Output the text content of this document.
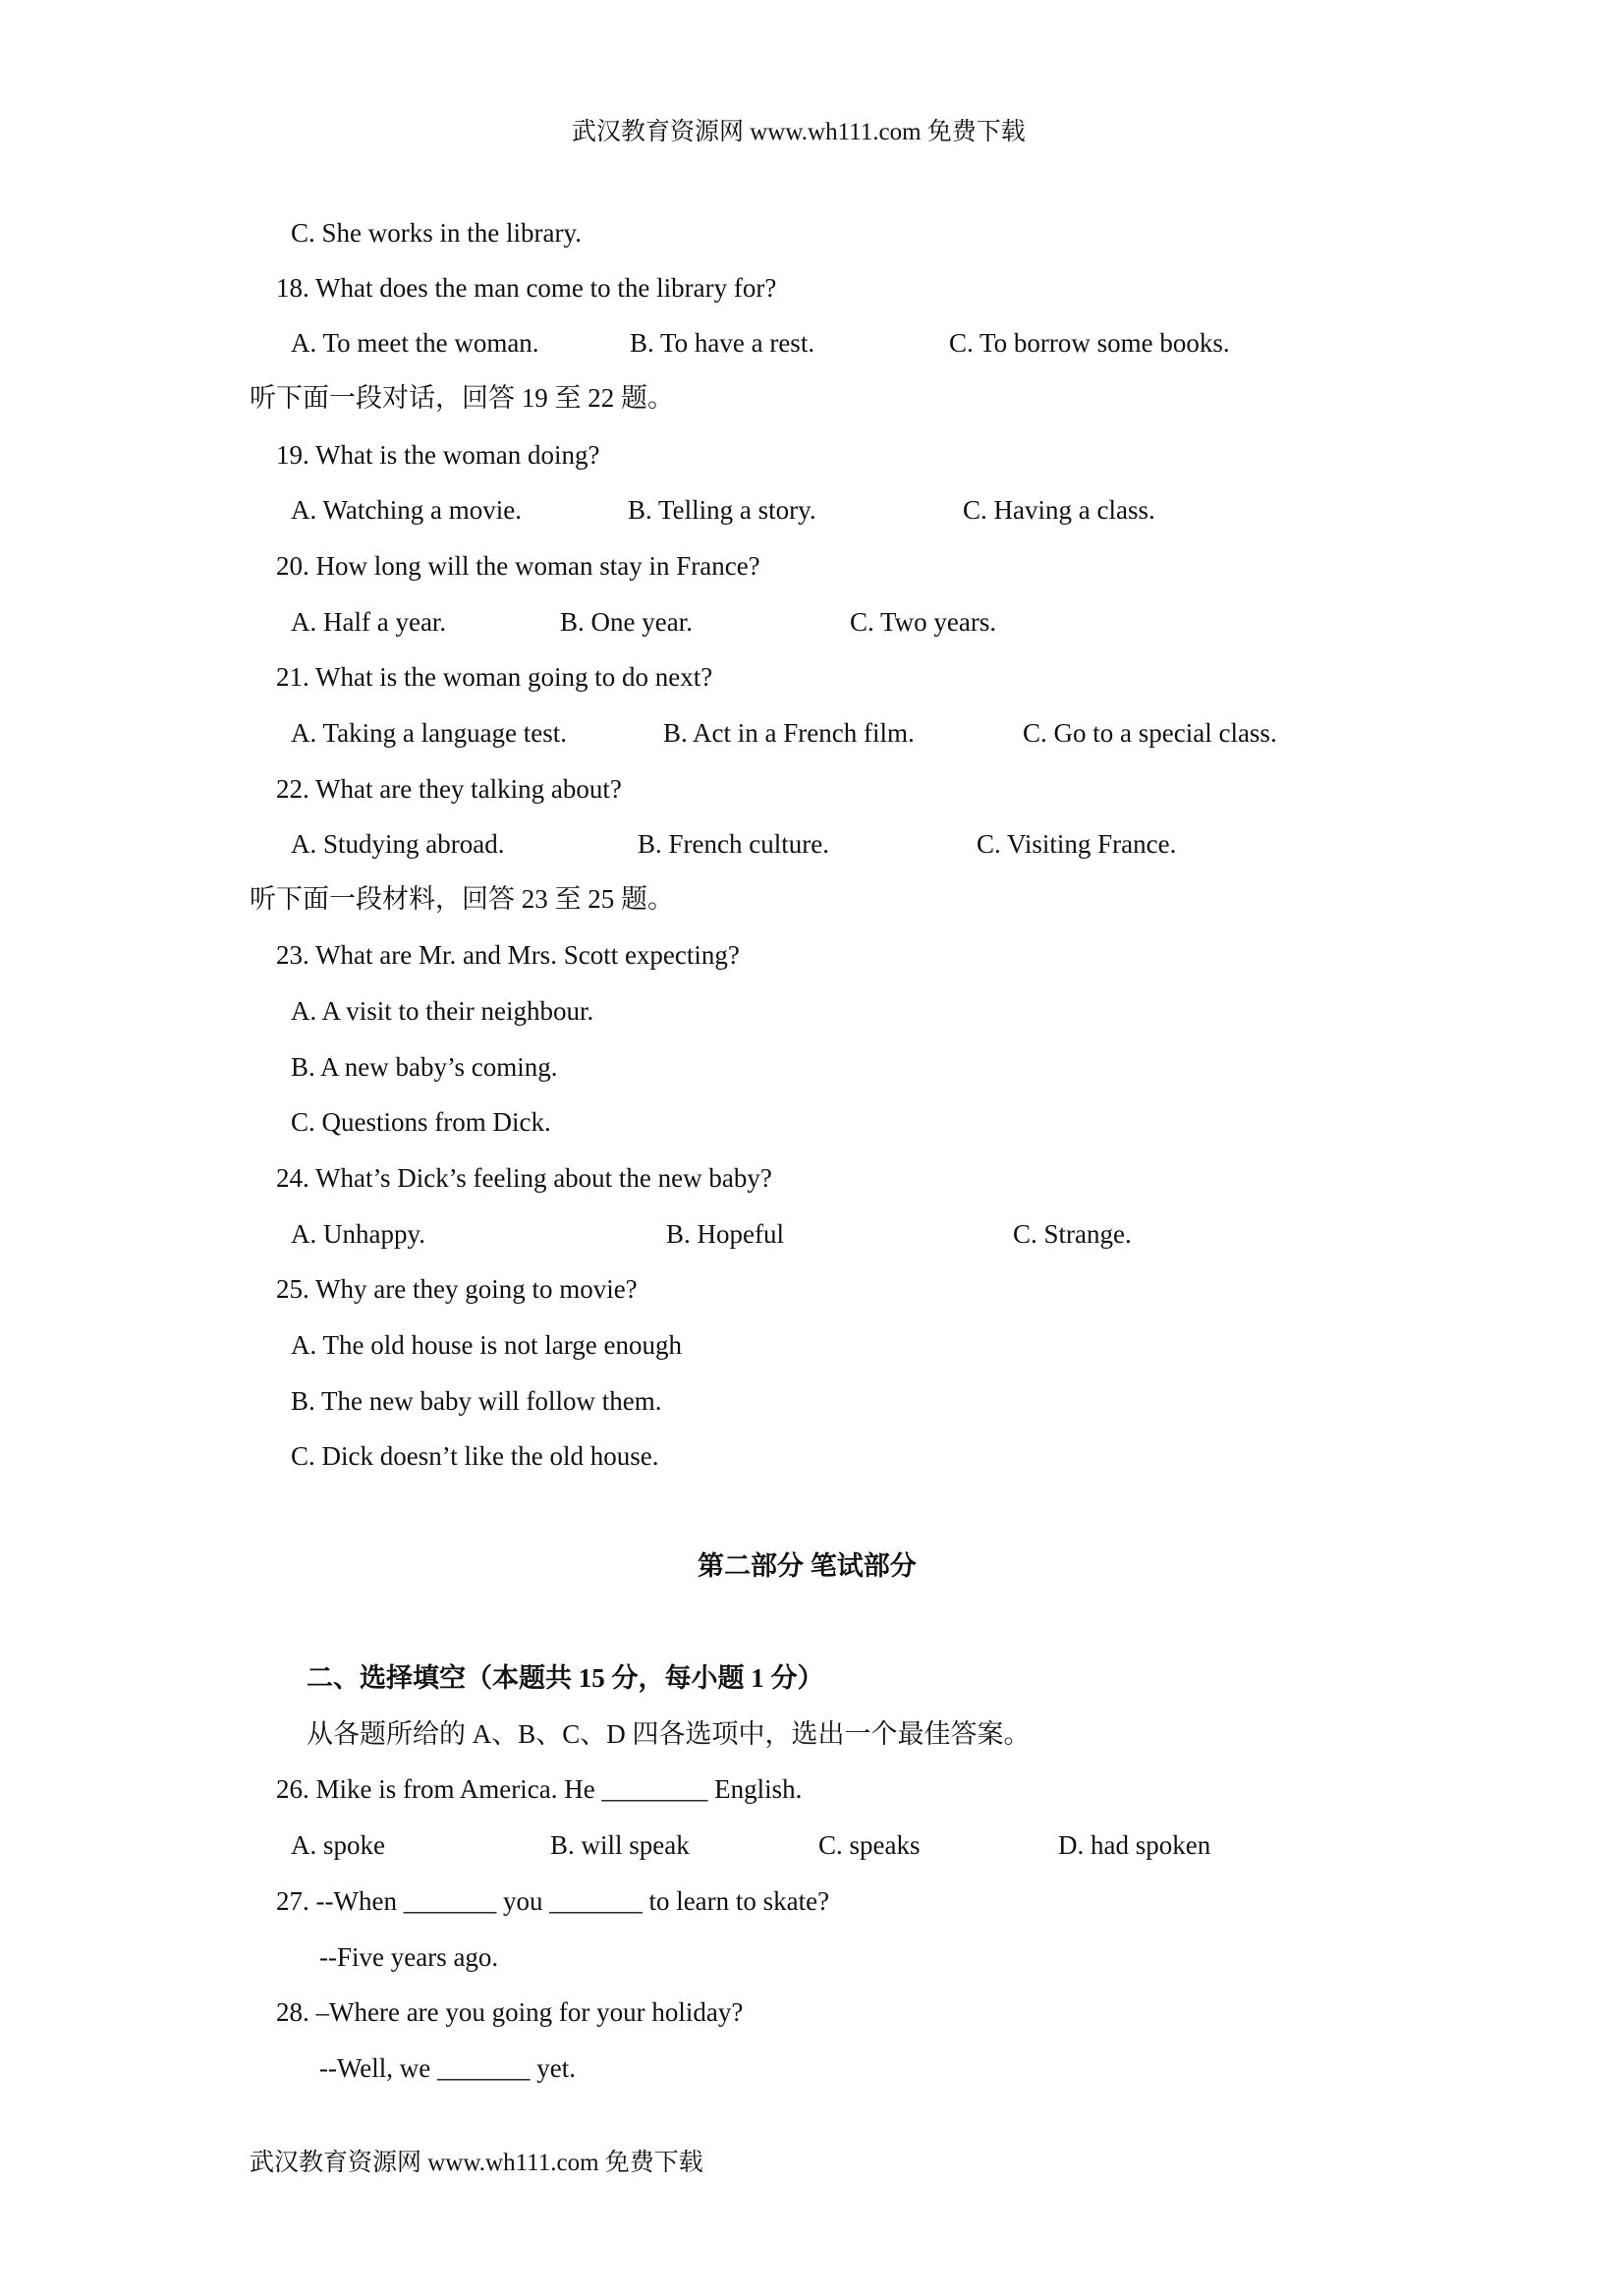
武汉教育资源网 www.wh111.com 免费下载
C. She works in the library.
18. What does the man come to the library for?
A. To meet the woman.	B. To have a rest.	C. To borrow some books.
听下面一段对话，回答 19 至 22 题。
19. What is the woman doing?
A. Watching a movie.	B. Telling a story.	C. Having a class.
20. How long will the woman stay in France?
A. Half a year.	B. One year.	C. Two years.
21. What is the woman going to do next?
A. Taking a language test.	B. Act in a French film.	C. Go to a special class.
22. What are they talking about?
A. Studying abroad.	B. French culture.	C. Visiting France.
听下面一段材料，回答 23 至 25 题。
23. What are Mr. and Mrs. Scott expecting?
A. A visit to their neighbour.
B. A new baby’s coming.
C. Questions from Dick.
24. What’s Dick’s feeling about the new baby?
A. Unhappy.	B. Hopeful	C. Strange.
25. Why are they going to movie?
A. The old house is not large enough
B. The new baby will follow them.
C. Dick doesn’t like the old house.
第二部分 笔试部分
二、选择填空（本题共 15 分，每小题 1 分）
从各题所给的 A、B、C、D 四各选项中，选出一个最佳答案。
26. Mike is from America. He ________ English.
A. spoke	B. will speak	C. speaks	D. had spoken
27. --When _______ you _______ to learn to skate?
--Five years ago.
28. –Where are you going for your holiday?
--Well, we _______ yet.
武汉教育资源网 www.wh111.com 免费下载
